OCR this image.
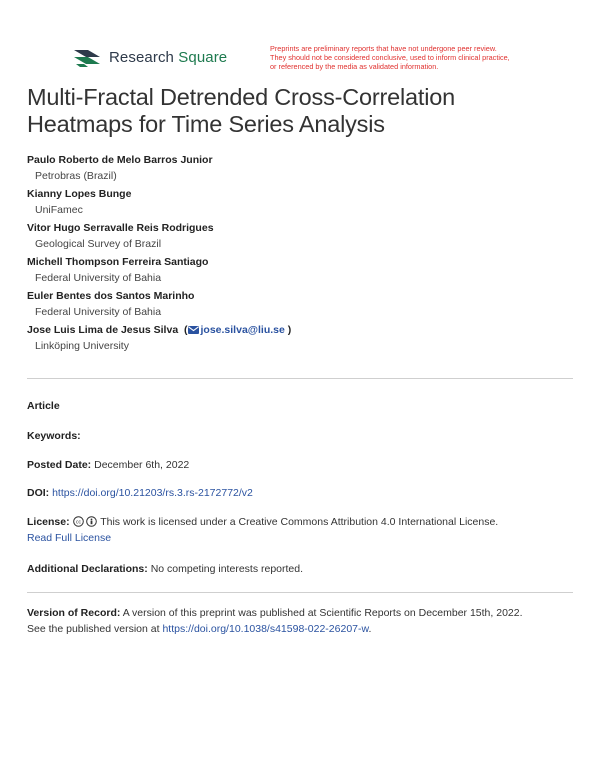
Research Square	Preprints are preliminary reports that have not undergone peer review.
They should not be considered conclusive, used to inform clinical practice,
or referenced by the media as validated information.
Multi-Fractal Detrended Cross-Correlation
Heatmaps for Time Series Analysis
Paulo Roberto de Melo Barros Junior
Petrobras (Brazil)
Kianny Lopes Bunge
UniFamec
Vitor Hugo Serravalle Reis Rodrigues
Geological Survey of Brazil
Michell Thompson Ferreira Santiago
Federal University of Bahia
Euler Bentes dos Santos Marinho
Federal University of Bahia
Jose Luis Lima de Jesus Silva  ( jose.silva@liu.se )
Linköping University
Article
Keywords:
Posted Date: December 6th, 2022
DOI: https://doi.org/10.21203/rs.3.rs-2172772/v2
License: cc This work is licensed under a Creative Commons Attribution 4.0 International License.
Read Full License
Additional Declarations: No competing interests reported.
Version of Record: A version of this preprint was published at Scientific Reports on December 15th, 2022.
See the published version at https://doi.org/10.1038/s41598-022-26207-w.
